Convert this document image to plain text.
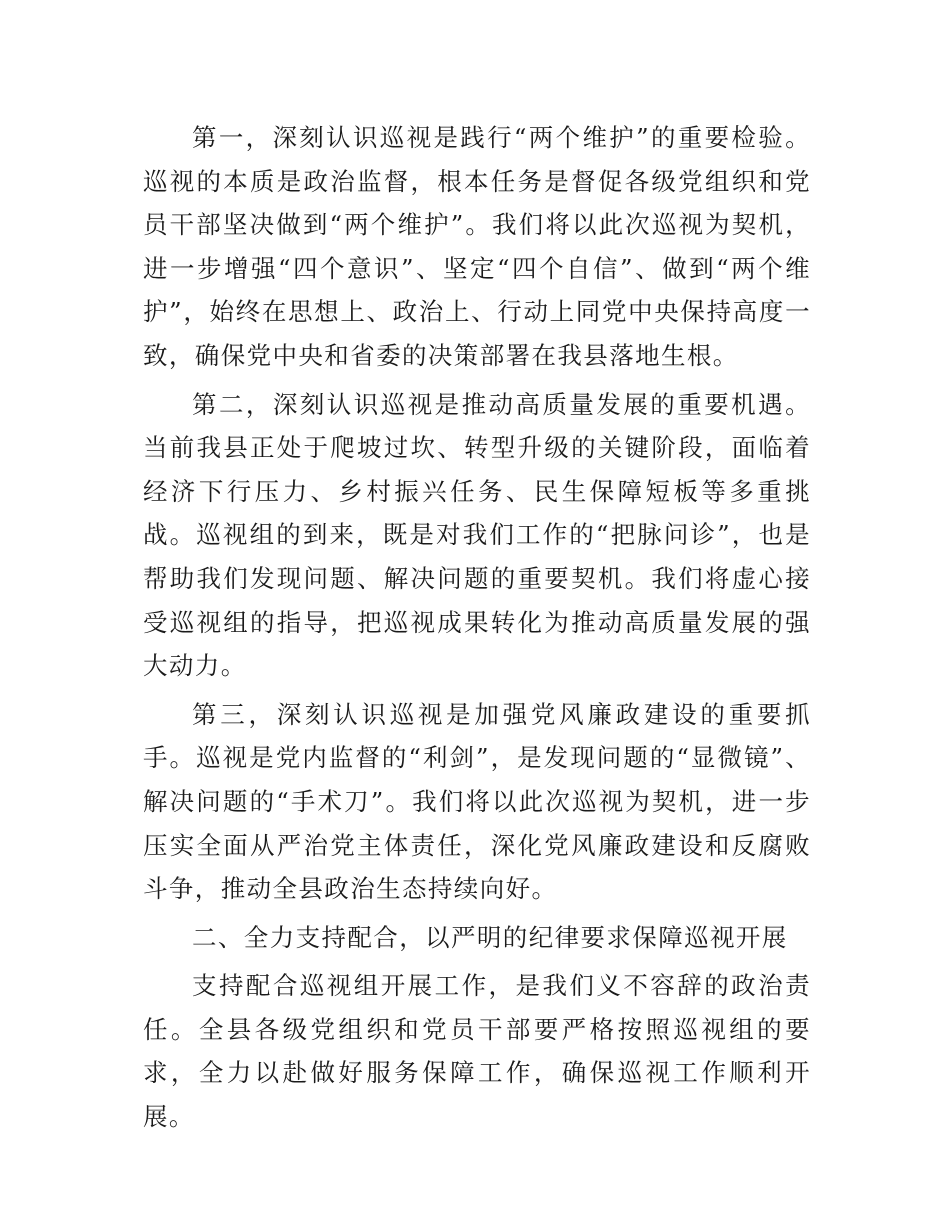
第一，深刻认识巡视是践行“两个维护”的重要检验。巡视的本质是政治监督，根本任务是督促各级党组织和党员干部坚决做到“两个维护”。我们将以此次巡视为契机，进一步增强“四个意识”、坚定“四个自信”、做到“两个维护”，始终在思想上、政治上、行动上同党中央保持高度一致，确保党中央和省委的决策部署在我县落地生根。

第二，深刻认识巡视是推动高质量发展的重要机遇。当前我县正处于爬坡过坎、转型升级的关键阶段，面临着经济下行压力、乡村振兴任务、民生保障短板等多重挑战。巡视组的到来，既是对我们工作的“把脉问诊”，也是帮助我们发现问题、解决问题的重要契机。我们将虚心接受巡视组的指导，把巡视成果转化为推动高质量发展的强大动力。

第三，深刻认识巡视是加强党风廉政建设的重要抓手。巡视是党内监督的“利剑”，是发现问题的“显微镜”、解决问题的“手术刀”。我们将以此次巡视为契机，进一步压实全面从严治党主体责任，深化党风廉政建设和反腐败斗争，推动全县政治生态持续向好。

二、全力支持配合，以严明的纪律要求保障巡视开展

支持配合巡视组开展工作，是我们义不容辞的政治责任。全县各级党组织和党员干部要严格按照巡视组的要求，全力以赴做好服务保障工作，确保巡视工作顺利开展。
